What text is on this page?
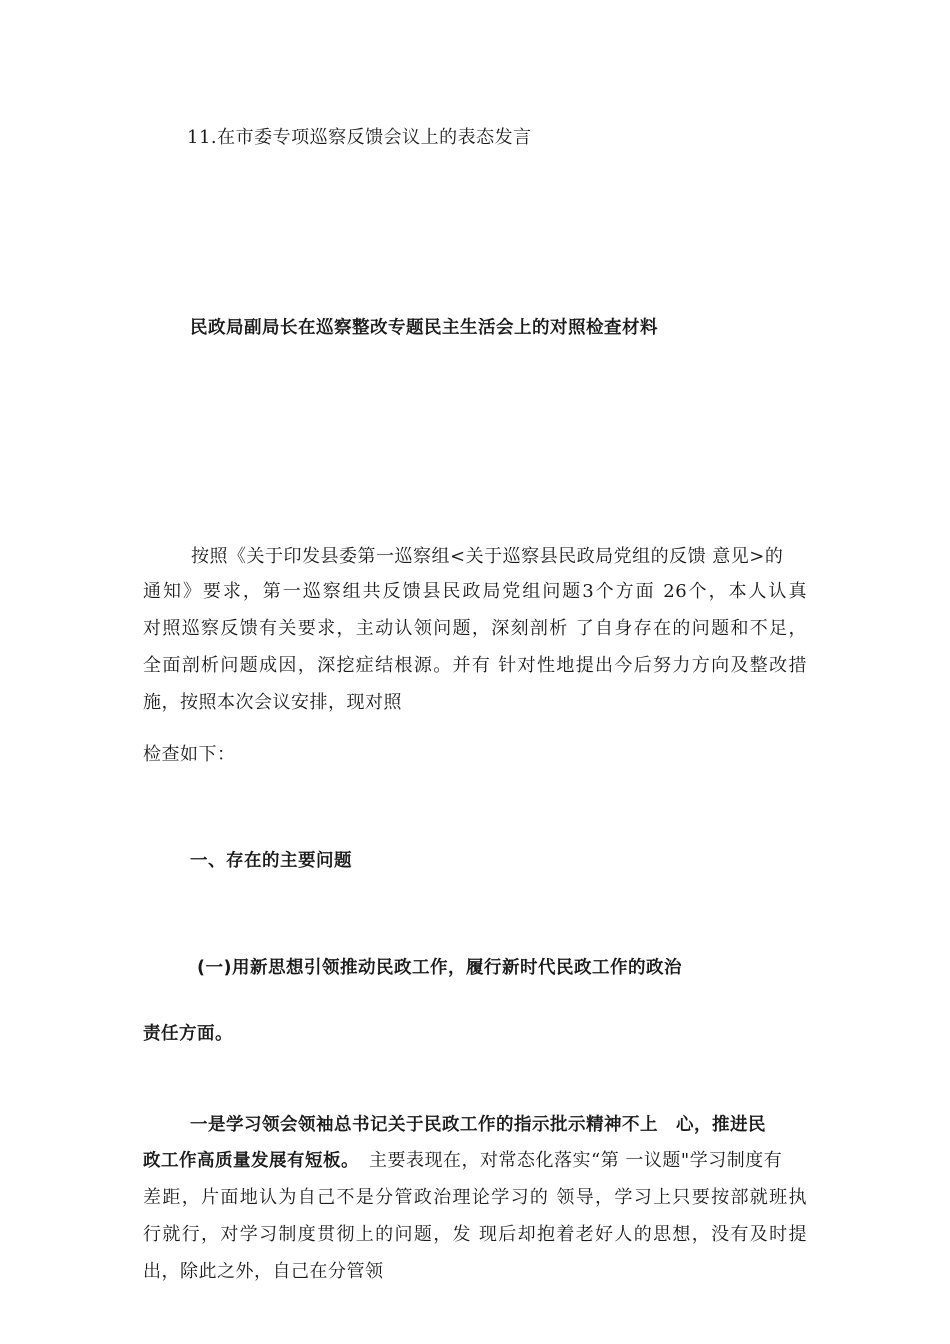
11.在市委专项巡察反馈会议上的表态发言
民政局副局长在巡察整改专题民主生活会上的对照检查材料
按照《关于印发县委第一巡察组<关于巡察县民政局党组的反馈 意见>的
通知》要求，第一巡察组共反馈县民政局党组问题3个方面 26个，本人认真
对照巡察反馈有关要求，主动认领问题，深刻剖析 了自身存在的问题和不足，
全面剖析问题成因，深挖症结根源。并有 针对性地提出今后努力方向及整改措
施，按照本次会议安排，现对照
检查如下：
一、存在的主要问题
(一)用新思想引领推动民政工作，履行新时代民政工作的政治
责任方面。
一是学习领会领袖总书记关于民政工作的指示批示精神不上　心，推进民
政工作高质量发展有短板。 主要表现在，对常态化落实“第 一议题"学习制度有
差距，片面地认为自己不是分管政治理论学习的 领导，学习上只要按部就班执
行就行，对学习制度贯彻上的问题，发 现后却抱着老好人的思想，没有及时提
出，除此之外，自己在分管领
